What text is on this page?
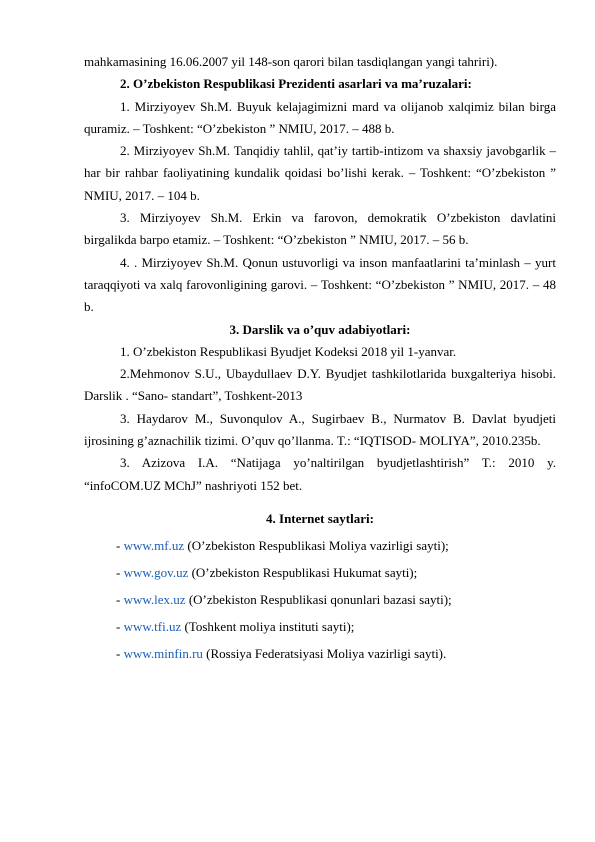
mahkamasining 16.06.2007 yil 148-son qarori bilan tasdiqlangan yangi tahriri).

2. O’zbekiston Respublikasi Prezidenti asarlari va ma’ruzalari:

1. Mirziyoyev Sh.M. Buyuk kelajagimizni mard va olijanob xalqimiz bilan birga quramiz. – Toshkent: “O’zbekiston ” NMIU, 2017. – 488 b.

2. Mirziyoyev Sh.M. Tanqidiy tahlil, qat’iy tartib-intizom va shaxsiy javobgarlik – har bir rahbar faoliyatining kundalik qoidasi bo’lishi kerak. – Toshkent: “O’zbekiston ” NMIU, 2017. – 104 b.

3. Mirziyoyev Sh.M. Erkin va farovon, demokratik O’zbekiston davlatini birgalikda barpo etamiz. – Toshkent: “O’zbekiston ” NMIU, 2017. – 56 b.

4. . Mirziyoyev Sh.M. Qonun ustuvorligi va inson manfaatlarini ta’minlash – yurt taraqqiyoti va xalq farovonligining garovi. – Toshkent: “O’zbekiston ” NMIU, 2017. – 48 b.

3. Darslik va o’quv adabiyotlari:

1. O’zbekiston Respublikasi Byudjet Kodeksi 2018 yil 1-yanvar.

2.Mehmonov S.U., Ubaydullaev D.Y. Byudjet tashkilotlarida buxgalteriya hisobi. Darslik . “Sano- standart”, Toshkent-2013

3. Haydarov M., Suvonqulov A., Sugirbaev B., Nurmatov B. Davlat byudjeti ijrosining g’aznachilik tizimi. O’quv qo’llanma. T.: “IQTISOD- MOLIYA”, 2010.235b.

3. Azizova I.A. “Natijaga yo’naltirilgan byudjetlashtirish” T.: 2010 y. “infoCOM.UZ MChJ” nashriyoti 152 bet.

4. Internet saytlari:

- www.mf.uz (O’zbekiston Respublikasi Moliya vazirligi sayti);

- www.gov.uz (O’zbekiston Respublikasi Hukumat sayti);

- www.lex.uz (O’zbekiston Respublikasi qonunlari bazasi sayti);

- www.tfi.uz (Toshkent moliya instituti sayti);

- www.minfin.ru (Rossiya Federatsiyasi Moliya vazirligi sayti).
